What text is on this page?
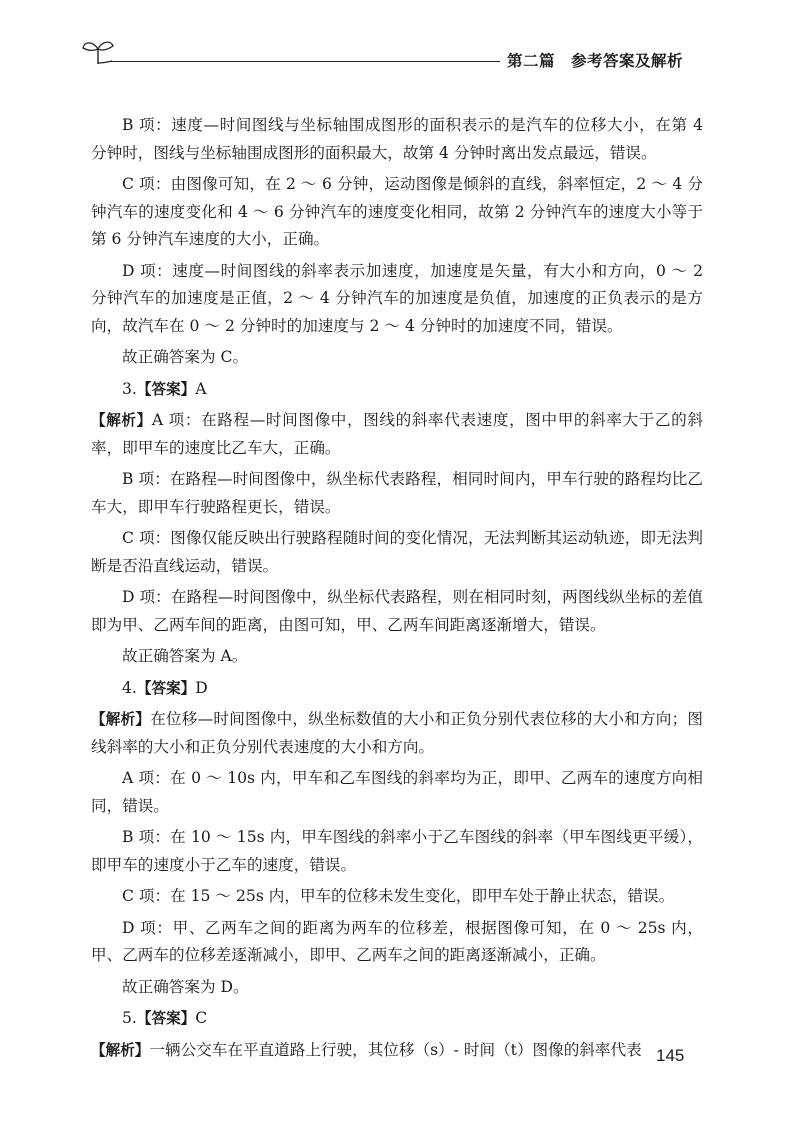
第二篇　参考答案及解析

B 项：速度—时间图线与坐标轴围成图形的面积表示的是汽车的位移大小，在第 4 分钟时，图线与坐标轴围成图形的面积最大，故第 4 分钟时离出发点最远，错误。

C 项：由图像可知，在 2 ～ 6 分钟，运动图像是倾斜的直线，斜率恒定，2 ～ 4 分钟汽车的速度变化和 4 ～ 6 分钟汽车的速度变化相同，故第 2 分钟汽车的速度大小等于第 6 分钟汽车速度的大小，正确。

D 项：速度—时间图线的斜率表示加速度，加速度是矢量，有大小和方向，0 ～ 2 分钟汽车的加速度是正值，2 ～ 4 分钟汽车的加速度是负值，加速度的正负表示的是方向，故汽车在 0 ～ 2 分钟时的加速度与 2 ～ 4 分钟时的加速度不同，错误。

故正确答案为 C。

3.【答案】A

【解析】A 项：在路程—时间图像中，图线的斜率代表速度，图中甲的斜率大于乙的斜率，即甲车的速度比乙车大，正确。

B 项：在路程—时间图像中，纵坐标代表路程，相同时间内，甲车行驶的路程均比乙车大，即甲车行驶路程更长，错误。

C 项：图像仅能反映出行驶路程随时间的变化情况，无法判断其运动轨迹，即无法判断是否沿直线运动，错误。

D 项：在路程—时间图像中，纵坐标代表路程，则在相同时刻，两图线纵坐标的差值即为甲、乙两车间的距离，由图可知，甲、乙两车间距离逐渐增大，错误。

故正确答案为 A。

4.【答案】D

【解析】在位移—时间图像中，纵坐标数值的大小和正负分别代表位移的大小和方向；图线斜率的大小和正负分别代表速度的大小和方向。

A 项：在 0 ～ 10s 内，甲车和乙车图线的斜率均为正，即甲、乙两车的速度方向相同，错误。

B 项：在 10 ～ 15s 内，甲车图线的斜率小于乙车图线的斜率（甲车图线更平缓），即甲车的速度小于乙车的速度，错误。

C 项：在 15 ～ 25s 内，甲车的位移未发生变化，即甲车处于静止状态，错误。

D 项：甲、乙两车之间的距离为两车的位移差，根据图像可知，在 0 ～ 25s 内，甲、乙两车的位移差逐渐减小，即甲、乙两车之间的距离逐渐减小，正确。

故正确答案为 D。

5.【答案】C

【解析】一辆公交车在平直道路上行驶，其位移（s）- 时间（t）图像的斜率代表 145
